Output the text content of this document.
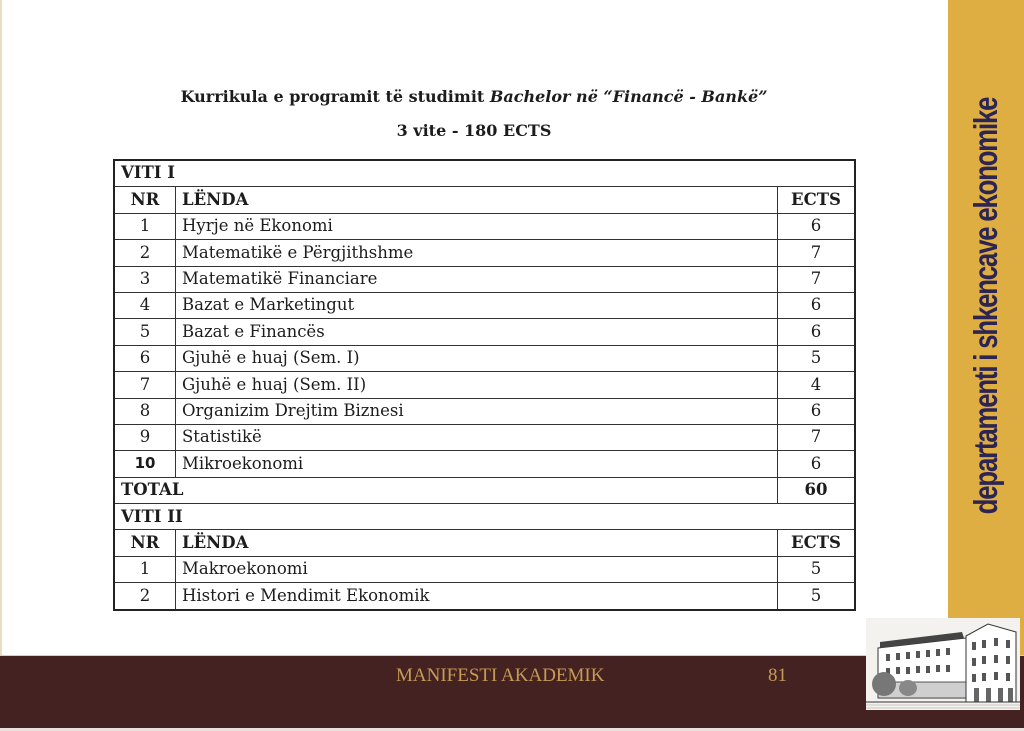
departamenti i shkencave ekonomike
Kurrikula e programit të studimit Bachelor në “Financë - Bankë”
3 vite - 180 ECTS
VITI I		
NR	LËNDA	ECTS
1	Hyrje në Ekonomi	6
2	Matematikë e Përgjithshme	7
3	Matematikë Financiare	7
4	Bazat e Marketingut	6
5	Bazat e Financës	6
6	Gjuhë e huaj (Sem. I)	5
7	Gjuhë e huaj (Sem. II)	4
8	Organizim Drejtim Biznesi	6
9	Statistikë	7
10	Mikroekonomi	6
TOTAL		60
VITI II		
NR	LËNDA	ECTS
1	Makroekonomi	5
2	Histori e Mendimit Ekonomik	5
MANIFESTI AKADEMIK	81
